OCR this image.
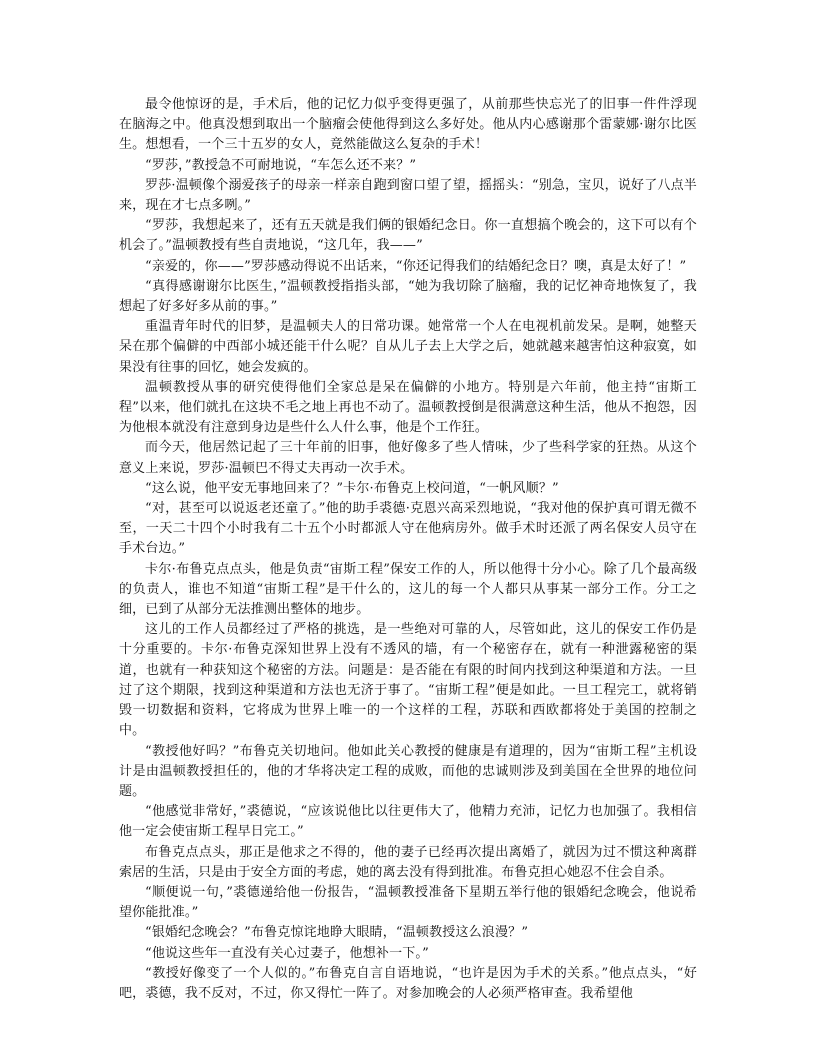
最令他惊讶的是，手术后，他的记忆力似乎变得更强了，从前那些快忘光了的旧事一件件浮现在脑海之中。他真没想到取出一个脑瘤会使他得到这么多好处。他从内心感谢那个雷蒙娜·谢尔比医生。想想看，一个三十五岁的女人，竟然能做这么复杂的手术！

“罗莎，”教授急不可耐地说，“车怎么还不来？”

罗莎·温顿像个溺爱孩子的母亲一样亲自跑到窗口望了望，摇摇头：“别急，宝贝，说好了八点半来，现在才七点多咧。”

“罗莎，我想起来了，还有五天就是我们俩的银婚纪念日。你一直想搞个晚会的，这下可以有个机会了。”温顿教授有些自责地说，“这几年，我——”

“亲爱的，你——”罗莎感动得说不出话来，“你还记得我们的结婚纪念日？噢，真是太好了！”

“真得感谢谢尔比医生，”温顿教授指指头部，“她为我切除了脑瘤，我的记忆神奇地恢复了，我想起了好多好多从前的事。”

重温青年时代的旧梦，是温顿夫人的日常功课。她常常一个人在电视机前发呆。是啊，她整天呆在那个偏僻的中西部小城还能干什么呢？自从儿子去上大学之后，她就越来越害怕这种寂寞，如果没有往事的回忆，她会发疯的。

温顿教授从事的研究使得他们全家总是呆在偏僻的小地方。特别是六年前，他主持“宙斯工程”以来，他们就扎在这块不毛之地上再也不动了。温顿教授倒是很满意这种生活，他从不抱怨，因为他根本就没有注意到身边是些什么人什么事，他是个工作狂。

而今天，他居然记起了三十年前的旧事，他好像多了些人情味，少了些科学家的狂热。从这个意义上来说，罗莎·温顿巴不得丈夫再动一次手术。

“这么说，他平安无事地回来了？”卡尔·布鲁克上校问道，“一帆风顺？”

“对，甚至可以说返老还童了。”他的助手裘德·克恩兴高采烈地说，“我对他的保护真可谓无微不至，一天二十四个小时我有二十五个小时都派人守在他病房外。做手术时还派了两名保安人员守在手术台边。”

卡尔·布鲁克点点头，他是负责“宙斯工程”保安工作的人，所以他得十分小心。除了几个最高级的负责人，谁也不知道“宙斯工程”是干什么的，这儿的每一个人都只从事某一部分工作。分工之细，已到了从部分无法推测出整体的地步。

这儿的工作人员都经过了严格的挑选，是一些绝对可靠的人，尽管如此，这儿的保安工作仍是十分重要的。卡尔·布鲁克深知世界上没有不透风的墙，有一个秘密存在，就有一种泄露秘密的渠道，也就有一种获知这个秘密的方法。问题是：是否能在有限的时间内找到这种渠道和方法。一旦过了这个期限，找到这种渠道和方法也无济于事了。“宙斯工程”便是如此。一旦工程完工，就将销毁一切数据和资料，它将成为世界上唯一的一个这样的工程，苏联和西欧都将处于美国的控制之中。

“教授他好吗？”布鲁克关切地问。他如此关心教授的健康是有道理的，因为“宙斯工程”主机设计是由温顿教授担任的，他的才华将决定工程的成败，而他的忠诚则涉及到美国在全世界的地位问题。

“他感觉非常好，”裘德说，“应该说他比以往更伟大了，他精力充沛，记忆力也加强了。我相信他一定会使宙斯工程早日完工。”

布鲁克点点头，那正是他求之不得的，他的妻子已经再次提出离婚了，就因为过不惯这种离群索居的生活，只是由于安全方面的考虑，她的离去没有得到批准。布鲁克担心她忍不住会自杀。

“顺便说一句，”裘德递给他一份报告，“温顿教授准备下星期五举行他的银婚纪念晚会，他说希望你能批准。”

“银婚纪念晚会？”布鲁克惊诧地睁大眼睛，“温顿教授这么浪漫？”

“他说这些年一直没有关心过妻子，他想补一下。”

“教授好像变了一个人似的。”布鲁克自言自语地说，“也许是因为手术的关系。”他点点头，“好吧，裘德，我不反对，不过，你又得忙一阵了。对参加晚会的人必须严格审查。我希望他
